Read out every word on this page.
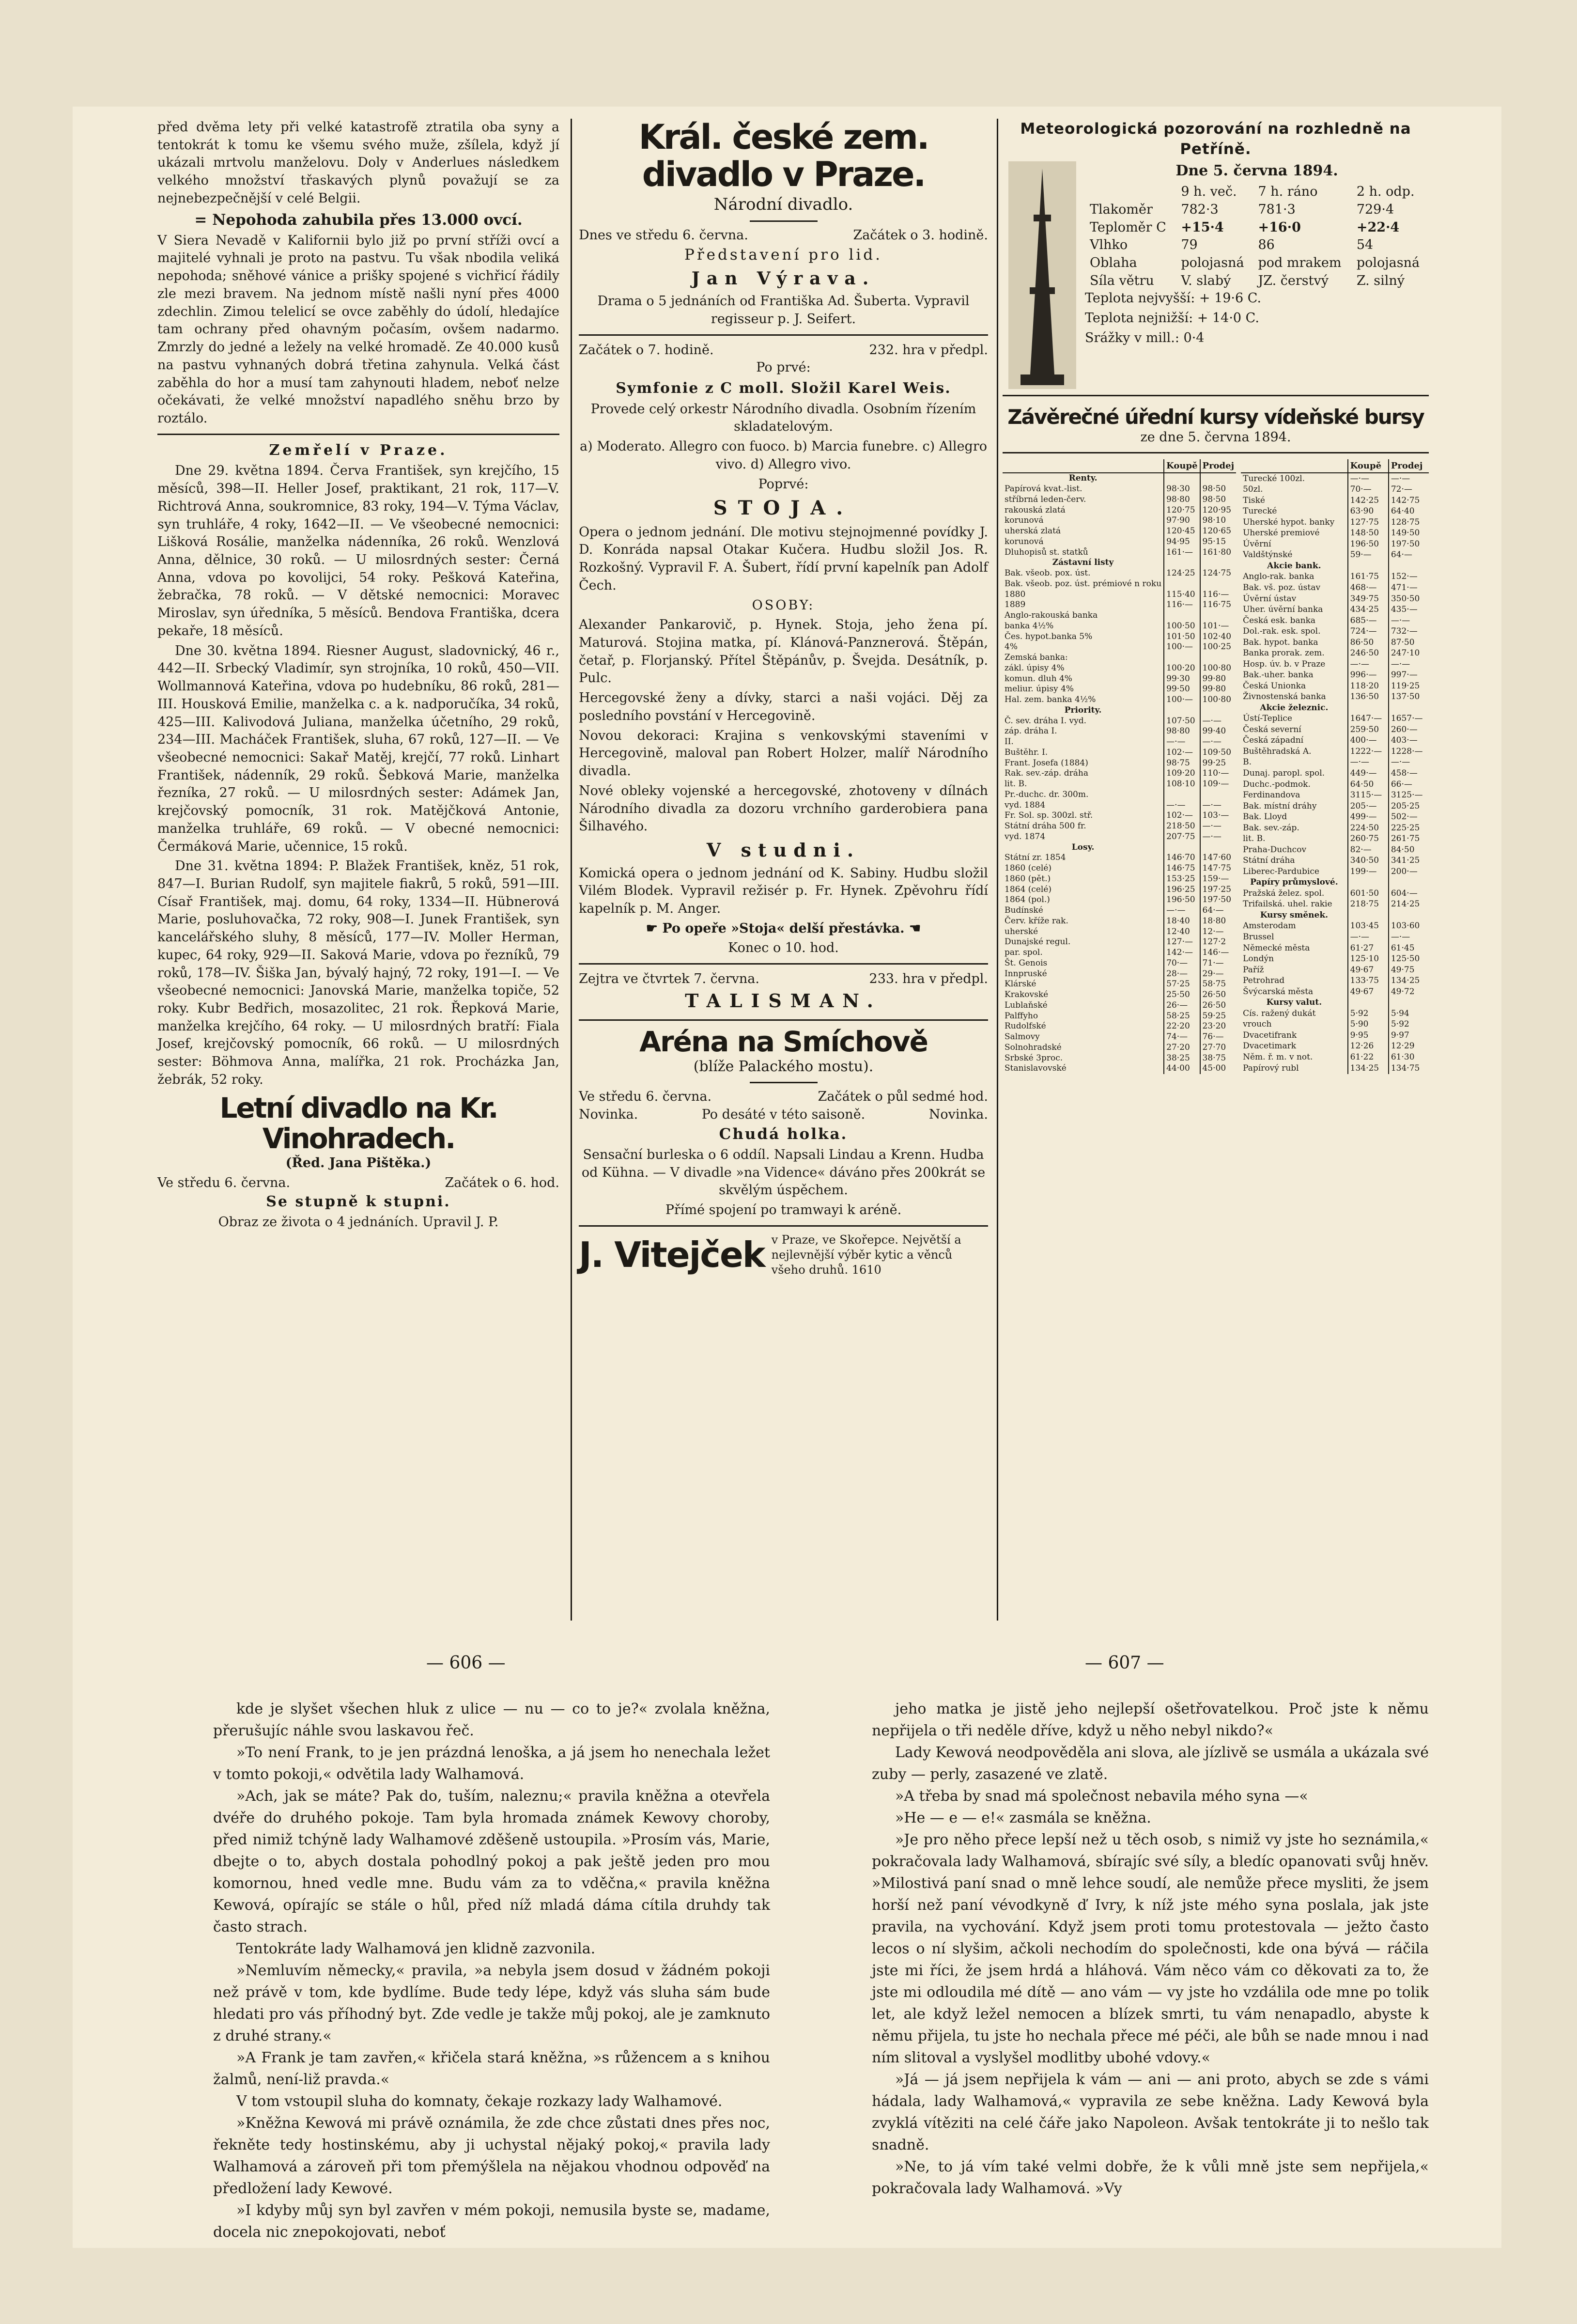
před dvěma lety při velké katastrofě ztratila oba syny a tentokrát k tomu ke všemu svého muže, zšílela, když jí ukázali mrtvolu manželovu. Doly v Anderlues následkem velkého množství třaskavých plynů považují se za nejnebezpečnější v celé Belgii.

= Nepohoda zahubila přes 13.000 ovcí.

V Siera Nevadě v Kalifornii bylo již po první stříži ovcí a majitelé vyhnali je proto na pastvu. Tu však nbodila veliká nepohoda; sněhové vánice a prišky spojené s vichřicí řádily zle mezi bravem. Na jednom místě našli nyní přes 4000 zdechlin. Zimou telelicí se ovce zaběhly do údolí, hledajíce tam ochrany před ohavným počasím, ovšem nadarmo. Zmrzly do jedné a ležely na velké hromadě. Ze 40.000 kusů na pastvu vyhnaných dobrá třetina zahynula. Velká část zaběhla do hor a musí tam zahynouti hladem, neboť nelze očekávati, že velké množství napadlého sněhu brzo by roztálo.

Zemřelí v Praze.

Dne 29. května 1894. Červa František, syn krejčího, 15 měsíců, 398—II. Heller Josef, praktikant, 21 rok, 117—V. Richtrová Anna, soukromnice, 83 roky, 194—V. Týma Václav, syn truhláře, 4 roky, 1642—II. — Ve všeobecné nemocnici: Lišková Rosálie, manželka nádenníka, 26 roků. Wenzlová Anna, dělnice, 30 roků. — U milosrdných sester: Černá Anna, vdova po kovolijci, 54 roky. Pešková Kateřina, žebračka, 78 roků. — V dětské nemocnici: Moravec Miroslav, syn úředníka, 5 měsíců. Bendova Františka, dcera pekaře, 18 měsíců.

Dne 30. května 1894. Riesner August, sladovnický, 46 r., 442—II. Srbecký Vladimír, syn strojníka, 10 roků, 450—VII. Wollmannová Kateřina, vdova po hudebníku, 86 roků, 281—III. Housková Emilie, manželka c. a k. nadporučíka, 34 roků, 425—III. Kalivodová Juliana, manželka účetního, 29 roků, 234—III. Macháček František, sluha, 67 roků, 127—II. — Ve všeobecné nemocnici: Sakař Matěj, krejčí, 77 roků. Linhart František, nádenník, 29 roků. Šebková Marie, manželka řezníka, 27 roků. — U milosrdných sester: Adámek Jan, krejčovský pomocník, 31 rok. Matějčková Antonie, manželka truhláře, 69 roků. — V obecné nemocnici: Čermáková Marie, učennice, 15 roků.

Dne 31. května 1894: P. Blažek František, kněz, 51 rok, 847—I. Burian Rudolf, syn majitele fiakrů, 5 roků, 591—III. Císař František, maj. domu, 64 roky, 1334—II. Hübnerová Marie, posluhovačka, 72 roky, 908—I. Junek František, syn kancelářského sluhy, 8 měsíců, 177—IV. Moller Herman, kupec, 64 roky, 929—II. Saková Marie, vdova po řezníků, 79 roků, 178—IV. Šiška Jan, bývalý hajný, 72 roky, 191—I. — Ve všeobecné nemocnici: Janovská Marie, manželka topiče, 52 roky. Kubr Bedřich, mosazolitec, 21 rok. Řepková Marie, manželka krejčího, 64 roky. — U milosrdných bratří: Fiala Josef, krejčovský pomocník, 66 roků. — U milosrdných sester: Böhmova Anna, malířka, 21 rok. Procházka Jan, žebrák, 52 roky.

Letní divadlo na Kr. Vinohradech.

(Řed. Jana Pištěka.)

Ve středu 6. června.	Začátek o 6. hod.

Se stupně k stupni.

Obraz ze života o 4 jednáních. Upravil J. P.

Král. české zem. divadlo v Praze.

Národní divadlo.

Dnes ve středu 6. června.	Začátek o 3. hodině.

Představení pro lid.

Jan Výrava.

Drama o 5 jednáních od Františka Ad. Šuberta. Vypravil regisseur p. J. Seifert.

Začátek o 7. hodině.	232. hra v předpl.

Po prvé:

Symfonie z C moll. Složil Karel Weis.

Provede celý orkestr Národního divadla. Osobním řízením skladatelovým.

a) Moderato. Allegro con fuoco. b) Marcia funebre. c) Allegro vivo. d) Allegro vivo.

Poprvé:

STOJA.

Opera o jednom jednání. Dle motivu stejnojmenné povídky J. D. Konráda napsal Otakar Kučera. Hudbu složil Jos. R. Rozkošný. Vypravil F. A. Šubert, řídí první kapelník pan Adolf Čech.

OSOBY:

Alexander Pankarovič, p. Hynek. Stoja, jeho žena pí. Maturová. Stojina matka, pí. Klánová-Panznerová. Štěpán, četař, p. Florjanský. Přítel Štěpánův, p. Švejda. Desátník, p. Pulc.

Hercegovské ženy a dívky, starci a naši vojáci. Děj za posledního povstání v Hercegovině.

Novou dekoraci: Krajina s venkovskými staveními v Hercegovině, maloval pan Robert Holzer, malíř Národního divadla.

Nové obleky vojenské a hercegovské, zhotoveny v dílnách Národního divadla za dozoru vrchního garderobiera pana Šilhavého.

V studni.

Komická opera o jednom jednání od K. Sabiny. Hudbu složil Vilém Blodek. Vypravil režisér p. Fr. Hynek. Zpěvohru řídí kapelník p. M. Anger.

☛ Po opeře »Stoja« delší přestávka. ☚

Konec o 10. hod.

Zejtra ve čtvrtek 7. června.	233. hra v předpl.

TALISMAN.

Aréna na Smíchově

(blíže Palackého mostu).

Ve středu 6. června.	Začátek o půl sedmé hod.
Novinka.	Po desáté v této saisoně.	Novinka.

Chudá holka.

Sensační burleska o 6 oddíl. Napsali Lindau a Krenn. Hudba od Kühna. — V divadle »na Vidence« dáváno přes 200krát se skvělým úspěchem.

Přímé spojení po tramwayi k aréně.

J. Vitejček v Praze, ve Skořepce. Největší a nejlevnější výběr kytic a věnců všeho druhů. 1610

Meteorologická pozorování na rozhledně na Petříně.

Dne 5. června 1894.

	9 h. več.	7 h. ráno	2 h. odp.
Tlakoměr	782·3	781·3	729·4
Teploměr C	+15·4	+16·0	+22·4
Vlhko	79	86	54
Oblaha	polojasná	pod mrakem	polojasná
Síla větru	V. slabý	JZ. čerstvý	Z. silný

Teplota nejvyšší: + 19·6 C.

Teplota nejnižší: + 14·0 C.

Srážky v mill.: 0·4

Závěrečné úřední kursy vídeňské bursy

ze dne 5. června 1894.

	Koupě	Prodej
Renty.		
Papírová kvat.-list.	98·30	98·50
stříbrná leden-červ.	98·80	98·50
rakouská zlatá	120·75	120·95
korunová	97·90	98·10
uherská zlatá	120·45	120·65
korunová	94·95	95·15
Dluhopisů st. statků	161·—	161·80
Zástavní listy		
Bak. všeob. pox. úst.	124·25	124·75
Bak. všeob. poz. úst. prémiové n roku		
1880	115·40	116·—
1889	116·—	116·75
Anglo-rakouská banka		
banka 4½%	100·50	101·—
Čes. hypot.banka 5%	101·50	102·40
4%	100·—	100·25
Zemská banka:		
zákl. úpisy 4%	100·20	100·80
komun. dluh 4%	99·30	99·80
meliur. úpisy 4%	99·50	99·80
Hal. zem. banka 4½%	100·—	100·80
Priority.		
Č. sev. dráha I. vyd.	107·50	—·—
záp. dráha I.	98·80	99·40
II.	—·—	—·—
Buštěhr. I.	102·—	109·50
Frant. Josefa (1884)	98·75	99·25
Rak. sev.-záp. dráha	109·20	110·—
lit. B.	108·10	109·—
Pr.-duchc. dr. 300m.		
vyd. 1884	—·—	—·—
Fr. Sol. sp. 300zl. stř.	102·—	103·—
Státní dráha 500 fr.	218·50	—·—
vyd. 1874	207·75	—·—
Losy.		
Státní zr. 1854	146·70	147·60
1860 (celé)	146·75	147·75
1860 (pět.)	153·25	159·—
1864 (celé)	196·25	197·25
1864 (pol.)	196·50	197·50
Budínské	—·—	64·—
Červ. kříže rak.	18·40	18·80
uherské	12·40	12·—
Dunajské regul.	127·—	127·2
par. spol.	142·—	146·—
Št. Genois	70·—	71·—
Innpruské	28·—	29·—
Klárské	57·25	58·75
Krakovské	25·50	26·50
Lublaňské	26·—	26·50
Palffyho	58·25	59·25
Rudolfské	22·20	23·20
Salmovy	74·—	76·—
Solnohradské	27·20	27·70
Srbské 3proc.	38·25	38·75
Stanislavovské	44·00	45·00
	Koupě	Prodej
Turecké 100zl.	—·—	—·—
50zl.	70·—	72·—
Tiské	142·25	142·75
Turecké	63·90	64·40
Uherské hypot. banky	127·75	128·75
Uherské premiové	148·50	149·50
Úvěrní	196·50	197·50
Valdštýnské	59·—	64·—
Akcie bank.		
Anglo-rak. banka	161·75	152·—
Bak. vš. poz. ústav	468·—	471·—
Úvěrní ústav	349·75	350·50
Uher. úvěrní banka	434·25	435·—
Česká esk. banka	685·—	—·—
Dol.-rak. esk. spol.	724·—	732·—
Bak. hypot. banka	86·50	87·50
Banka prorak. zem.	246·50	247·10
Hosp. úv. b. v Praze	—·—	—·—
Bak.-uher. banka	996·—	997·—
Česká Unionka	118·20	119·25
Živnostenská banka	136·50	137·50
Akcie železnic.		
Ústí-Teplice	1647·—	1657·—
Česká severní	259·50	260·—
Česká západní	400·—	403·—
Buštěhradská A.	1222·—	1228·—
B.	—·—	—·—
Dunaj. paropl. spol.	449·—	458·—
Duchc.-podmok.	64·50	66·—
Ferdinandova	3115·—	3125·—
Bak. místní dráhy	205·—	205·25
Bak. Lloyd	499·—	502·—
Bak. sev.-záp.	224·50	225·25
lit. B.	260·75	261·75
Praha-Duchcov	82·—	84·50
Státní dráha	340·50	341·25
Liberec-Pardubice	199·—	200·—
Papíry průmyslové.		
Pražská želez. spol.	601·50	604·—
Trifailská. uhel. rakie	218·75	214·25
Kursy směnek.		
Amsterodam	103·45	103·60
Brussel	—·—	—·—
Německé města	61·27	61·45
Londýn	125·10	125·50
Paříž	49·67	49·75
Petrohrad	133·75	134·25
Švýcarská města	49·67	49·72
Kursy valut.		
Cís. ražený dukát	5·92	5·94
vrouch	5·90	5·92
Dvacetifrank	9·95	9·97
Dvacetimark	12·26	12·29
Něm. ř. m. v not.	61·22	61·30
Papírový rubl	134·25	134·75
— 606 —	— 607 —

kde je slyšet všechen hluk z ulice — nu — co to je?« zvolala kněžna, přerušujíc náhle svou laskavou řeč.

»To není Frank, to je jen prázdná lenoška, a já jsem ho nenechala ležet v tomto pokoji,« odvětila lady Walhamová.

»Ach, jak se máte? Pak do, tuším, naleznu;« pravila kněžna a otevřela dvéře do druhého pokoje. Tam byla hromada známek Kewovy choroby, před nimiž tchýně lady Walhamové zděšeně ustoupila. »Prosím vás, Marie, dbejte o to, abych dostala pohodlný pokoj a pak ještě jeden pro mou komornou, hned vedle mne. Budu vám za to vděčna,« pravila kněžna Kewová, opírajíc se stále o hůl, před níž mladá dáma cítila druhdy tak často strach.

Tentokráte lady Walhamová jen klidně zazvonila.

»Nemluvím německy,« pravila, »a nebyla jsem dosud v žádném pokoji než právě v tom, kde bydlíme. Bude tedy lépe, když vás sluha sám bude hledati pro vás příhodný byt. Zde vedle je takže můj pokoj, ale je zamknuto z druhé strany.«

»A Frank je tam zavřen,« křičela stará kněžna, »s růžencem a s knihou žalmů, není-liž pravda.«

V tom vstoupil sluha do komnaty, čekaje rozkazy lady Walhamové.

»Kněžna Kewová mi právě oznámila, že zde chce zůstati dnes přes noc, řekněte tedy hostinskému, aby ji uchystal nějaký pokoj,« pravila lady Walhamová a zároveň při tom přemýšlela na nějakou vhodnou odpověď na předložení lady Kewové.

»I kdyby můj syn byl zavřen v mém pokoji, nemusila byste se, madame, docela nic znepokojovati, neboť

jeho matka je jistě jeho nejlepší ošetřovatelkou. Proč jste k němu nepřijela o tři neděle dříve, když u něho nebyl nikdo?«

Lady Kewová neodpověděla ani slova, ale jízlivě se usmála a ukázala své zuby — perly, zasazené ve zlatě.

»A třeba by snad má společnost nebavila mého syna —«

»He — e — e!« zasmála se kněžna.

»Je pro něho přece lepší než u těch osob, s nimiž vy jste ho seznámila,« pokračovala lady Walhamová, sbírajíc své síly, a bledíc opanovati svůj hněv. »Milostivá paní snad o mně lehce soudí, ale nemůže přece mysliti, že jsem horší než paní vévodkyně ď Ivry, k níž jste mého syna poslala, jak jste pravila, na vychování. Když jsem proti tomu protestovala — ježto často lecos o ní slyšim, ačkoli nechodím do společnosti, kde ona bývá — ráčila jste mi říci, že jsem hrdá a hláhová. Vám něco vám co děkovati za to, že jste mi odloudila mé dítě — ano vám — vy jste ho vzdálila ode mne po tolik let, ale když ležel nemocen a blízek smrti, tu vám nenapadlo, abyste k němu přijela, tu jste ho nechala přece mé péči, ale bůh se nade mnou i nad ním slitoval a vyslyšel modlitby ubohé vdovy.«

»Já — já jsem nepřijela k vám — ani — ani proto, abych se zde s vámi hádala, lady Walhamová,« vypravila ze sebe kněžna. Lady Kewová byla zvyklá vítěziti na celé čáře jako Napoleon. Avšak tentokráte ji to nešlo tak snadně.

»Ne, to já vím také velmi dobře, že k vůli mně jste sem nepřijela,« pokračovala lady Walhamová. »Vy
